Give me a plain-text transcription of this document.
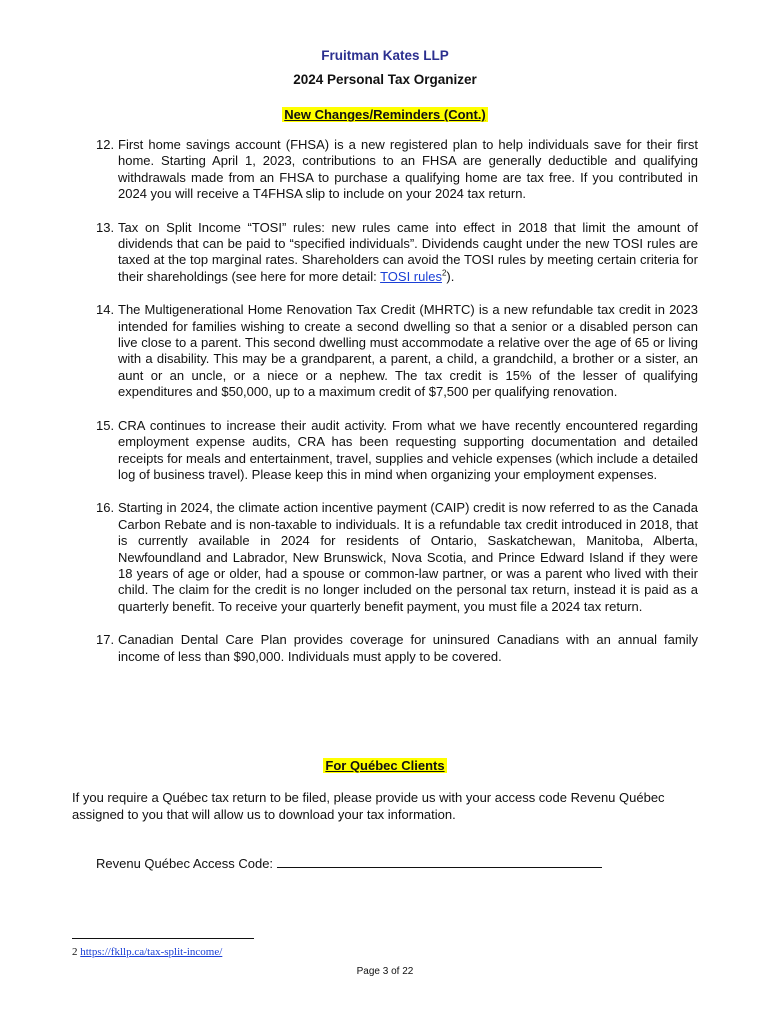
Fruitman Kates LLP
2024 Personal Tax Organizer
New Changes/Reminders (Cont.)
12. First home savings account (FHSA) is a new registered plan to help individuals save for their first home. Starting April 1, 2023, contributions to an FHSA are generally deductible and qualifying withdrawals made from an FHSA to purchase a qualifying home are tax free. If you contributed in 2024 you will receive a T4FHSA slip to include on your 2024 tax return.
13. Tax on Split Income “TOSI” rules: new rules came into effect in 2018 that limit the amount of dividends that can be paid to “specified individuals”. Dividends caught under the new TOSI rules are taxed at the top marginal rates. Shareholders can avoid the TOSI rules by meeting certain criteria for their shareholdings (see here for more detail: TOSI rules$^2$).
14. The Multigenerational Home Renovation Tax Credit (MHRTC) is a new refundable tax credit in 2023 intended for families wishing to create a second dwelling so that a senior or a disabled person can live close to a parent. This second dwelling must accommodate a relative over the age of 65 or living with a disability. This may be a grandparent, a parent, a child, a grandchild, a brother or a sister, an aunt or an uncle, or a niece or a nephew. The tax credit is 15% of the lesser of qualifying expenditures and $50,000, up to a maximum credit of $7,500 per qualifying renovation.
15. CRA continues to increase their audit activity. From what we have recently encountered regarding employment expense audits, CRA has been requesting supporting documentation and detailed receipts for meals and entertainment, travel, supplies and vehicle expenses (which include a detailed log of business travel). Please keep this in mind when organizing your employment expenses.
16. Starting in 2024, the climate action incentive payment (CAIP) credit is now referred to as the Canada Carbon Rebate and is non-taxable to individuals. It is a refundable tax credit introduced in 2018, that is currently available in 2024 for residents of Ontario, Saskatchewan, Manitoba, Alberta, Newfoundland and Labrador, New Brunswick, Nova Scotia, and Prince Edward Island if they were 18 years of age or older, had a spouse or common-law partner, or was a parent who lived with their child. The claim for the credit is no longer included on the personal tax return, instead it is paid as a quarterly benefit. To receive your quarterly benefit payment, you must file a 2024 tax return.
17. Canadian Dental Care Plan provides coverage for uninsured Canadians with an annual family income of less than $90,000. Individuals must apply to be covered.
For Québec Clients
If you require a Québec tax return to be filed, please provide us with your access code Revenu Québec assigned to you that will allow us to download your tax information.
Revenu Québec Access Code:
2 https://fkllp.ca/tax-split-income/
Page 3 of 22
